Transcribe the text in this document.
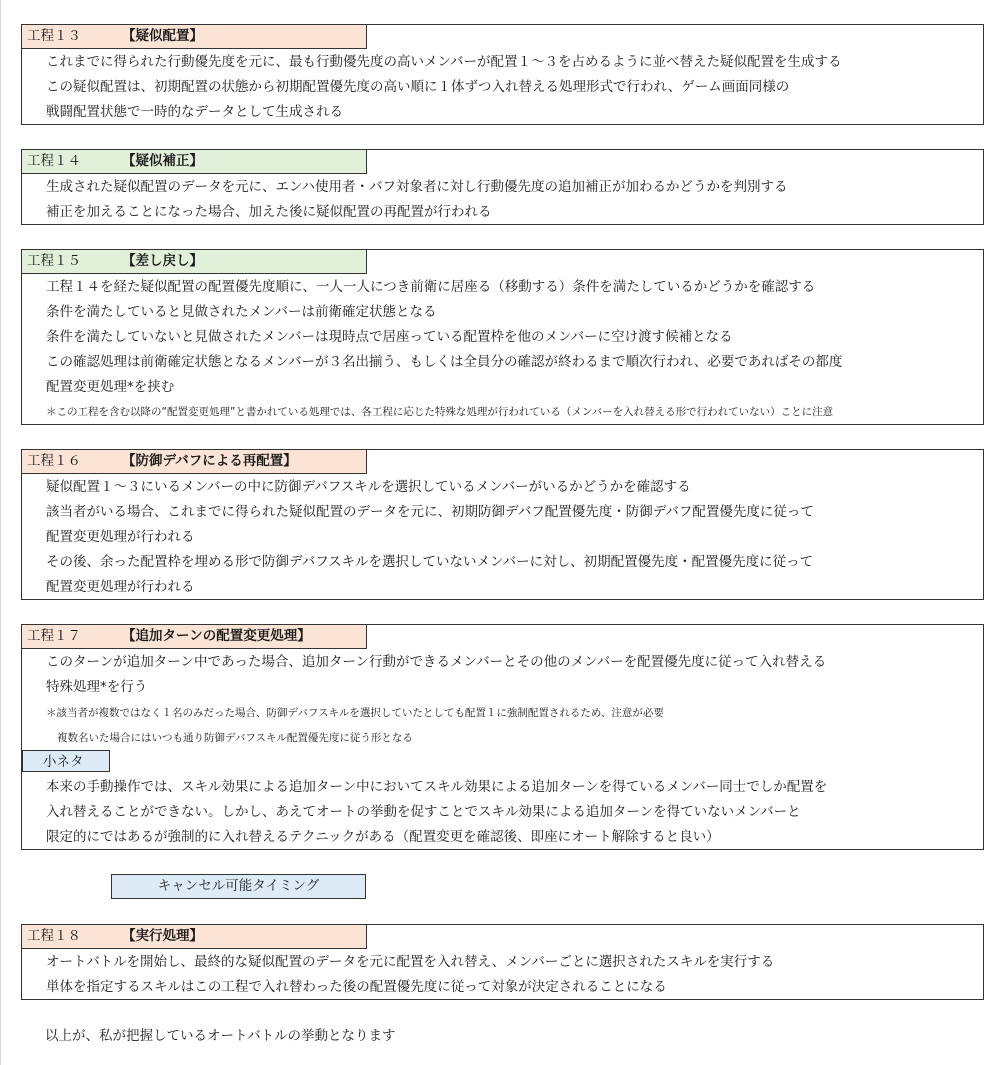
工程１３	【疑似配置】
これまでに得られた行動優先度を元に、最も行動優先度の高いメンバーが配置１～３を占めるように並べ替えた疑似配置を生成する
この疑似配置は、初期配置の状態から初期配置優先度の高い順に１体ずつ入れ替える処理形式で行われ、ゲーム画面同様の
戦闘配置状態で一時的なデータとして生成される
工程１４	【疑似補正】
生成された疑似配置のデータを元に、エンハ使用者・バフ対象者に対し行動優先度の追加補正が加わるかどうかを判別する
補正を加えることになった場合、加えた後に疑似配置の再配置が行われる
工程１５	【差し戻し】
工程１４を経た疑似配置の配置優先度順に、一人一人につき前衛に居座る（移動する）条件を満たしているかどうかを確認する
条件を満たしていると見做されたメンバーは前衛確定状態となる
条件を満たしていないと見做されたメンバーは現時点で居座っている配置枠を他のメンバーに空け渡す候補となる
この確認処理は前衛確定状態となるメンバーが３名出揃う、もしくは全員分の確認が終わるまで順次行われ、必要であればその都度
配置変更処理*を挟む
＊この工程を含む以降の“配置変更処理”と書かれている処理では、各工程に応じた特殊な処理が行われている（メンバーを入れ替える形で行われていない）ことに注意
工程１６	【防御デバフによる再配置】
疑似配置１～３にいるメンバーの中に防御デバフスキルを選択しているメンバーがいるかどうかを確認する
該当者がいる場合、これまでに得られた疑似配置のデータを元に、初期防御デバフ配置優先度・防御デバフ配置優先度に従って
配置変更処理が行われる
その後、余った配置枠を埋める形で防御デバフスキルを選択していないメンバーに対し、初期配置優先度・配置優先度に従って
配置変更処理が行われる
工程１７	【追加ターンの配置変更処理】
このターンが追加ターン中であった場合、追加ターン行動ができるメンバーとその他のメンバーを配置優先度に従って入れ替える
特殊処理*を行う
＊該当者が複数ではなく１名のみだった場合、防御デバフスキルを選択していたとしても配置１に強制配置されるため、注意が必要
複数名いた場合にはいつも通り防御デバフスキル配置優先度に従う形となる
小ネタ
本来の手動操作では、スキル効果による追加ターン中においてスキル効果による追加ターンを得ているメンバー同士でしか配置を
入れ替えることができない。しかし、あえてオートの挙動を促すことでスキル効果による追加ターンを得ていないメンバーと
限定的にではあるが強制的に入れ替えるテクニックがある（配置変更を確認後、即座にオート解除すると良い）
キャンセル可能タイミング
工程１８	【実行処理】
オートバトルを開始し、最終的な疑似配置のデータを元に配置を入れ替え、メンバーごとに選択されたスキルを実行する
単体を指定するスキルはこの工程で入れ替わった後の配置優先度に従って対象が決定されることになる
以上が、私が把握しているオートバトルの挙動となります
